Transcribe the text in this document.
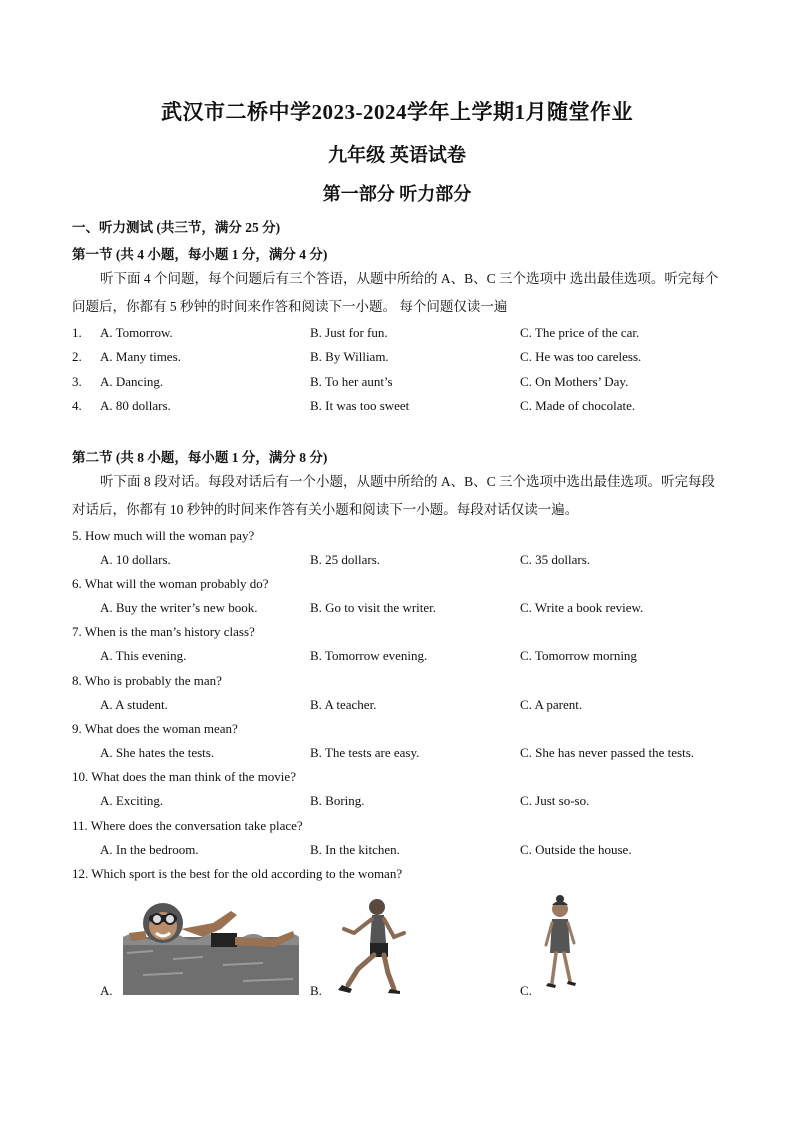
武汉市二桥中学2023-2024学年上学期1月随堂作业
九年级 英语试卷
第一部分 听力部分
一、听力测试 (共三节，满分 25 分)
第一节 (共 4 小题，每小题 1 分，满分 4 分)
听下面 4 个问题，每个问题后有三个答语，从题中所给的 A、B、C 三个选项中 选出最佳选项。听完每个问题后，你都有 5 秒钟的时间来作答和阅读下一小题。 每个问题仅读一遍
1. A. Tomorrow.	B. Just for fun.	C. The price of the car.
2. A. Many times.	B. By William.	C. He was too careless.
3. A. Dancing.	B. To her aunt’s	C. On Mothers’ Day.
4. A. 80 dollars.	B. It was too sweet	C. Made of chocolate.
第二节 (共 8 小题，每小题 1 分，满分 8 分)
听下面 8 段对话。每段对话后有一个小题，从题中所给的 A、B、C 三个选项中选出最佳选项。听完每段对话后，你都有 10 秒钟的时间来作答有关小题和阅读下一小题。每段对话仅读一遍。
5. How much will the woman pay?
A. 10 dollars.	B. 25 dollars.	C. 35 dollars.
6. What will the woman probably do?
A. Buy the writer’s new book.	B. Go to visit the writer.	C. Write a book review.
7. When is the man’s history class?
A. This evening.	B. Tomorrow evening.	C. Tomorrow morning
8. Who is probably the man?
A. A student.	B. A teacher.	C. A parent.
9. What does the woman mean?
A. She hates the tests.	B. The tests are easy.	C. She has never passed the tests.
10. What does the man think of the movie?
A. Exciting.	B. Boring.	C. Just so-so.
11. Where does the conversation take place?
A. In the bedroom.	B. In the kitchen.	C. Outside the house.
12. Which sport is the best for the old according to the woman?
A.	B.	C.
